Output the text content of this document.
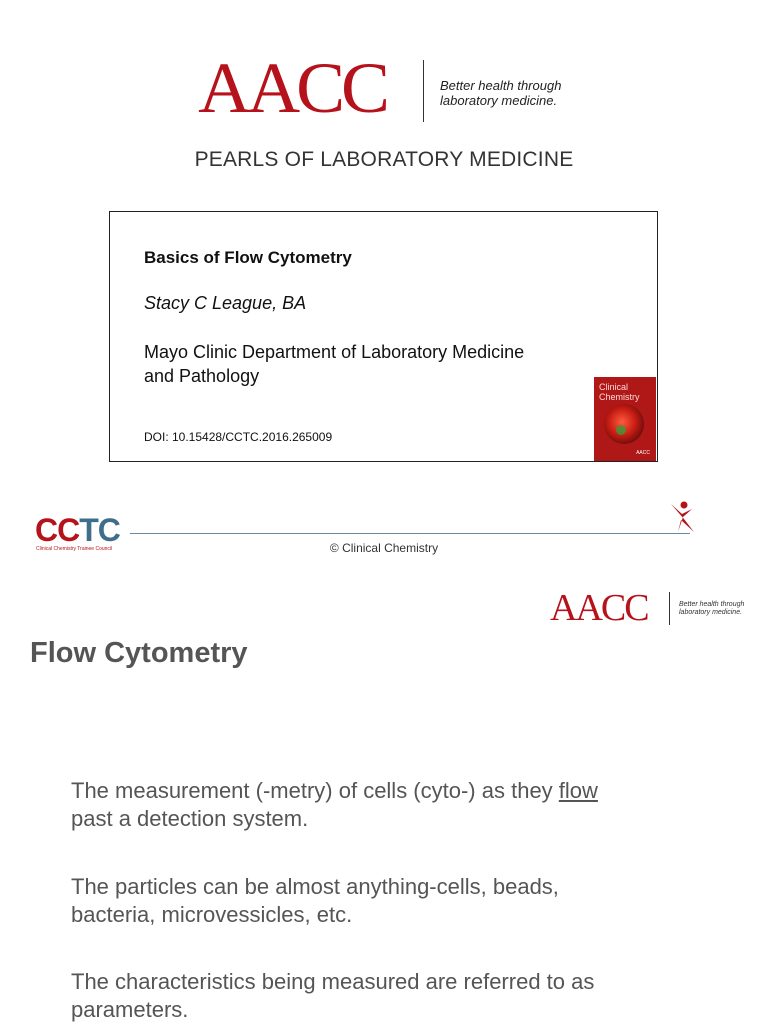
AACC	Better health through
laboratory medicine.
PEARLS OF LABORATORY MEDICINE
Basics of Flow Cytometry
Stacy C League, BA
Mayo Clinic Department of Laboratory Medicine
and Pathology
DOI: 10.15428/CCTC.2016.265009
Clinical
Chemistry
AACC
CCTC
Clinical Chemistry Trainee Council	© Clinical Chemistry
AACC	Better health through
laboratory medicine.
Flow Cytometry
The measurement (-metry) of cells (cyto-) as they flow
past a detection system.
The particles can be almost anything-cells, beads,
bacteria, microvessicles, etc.
The characteristics being measured are referred to as
parameters.
